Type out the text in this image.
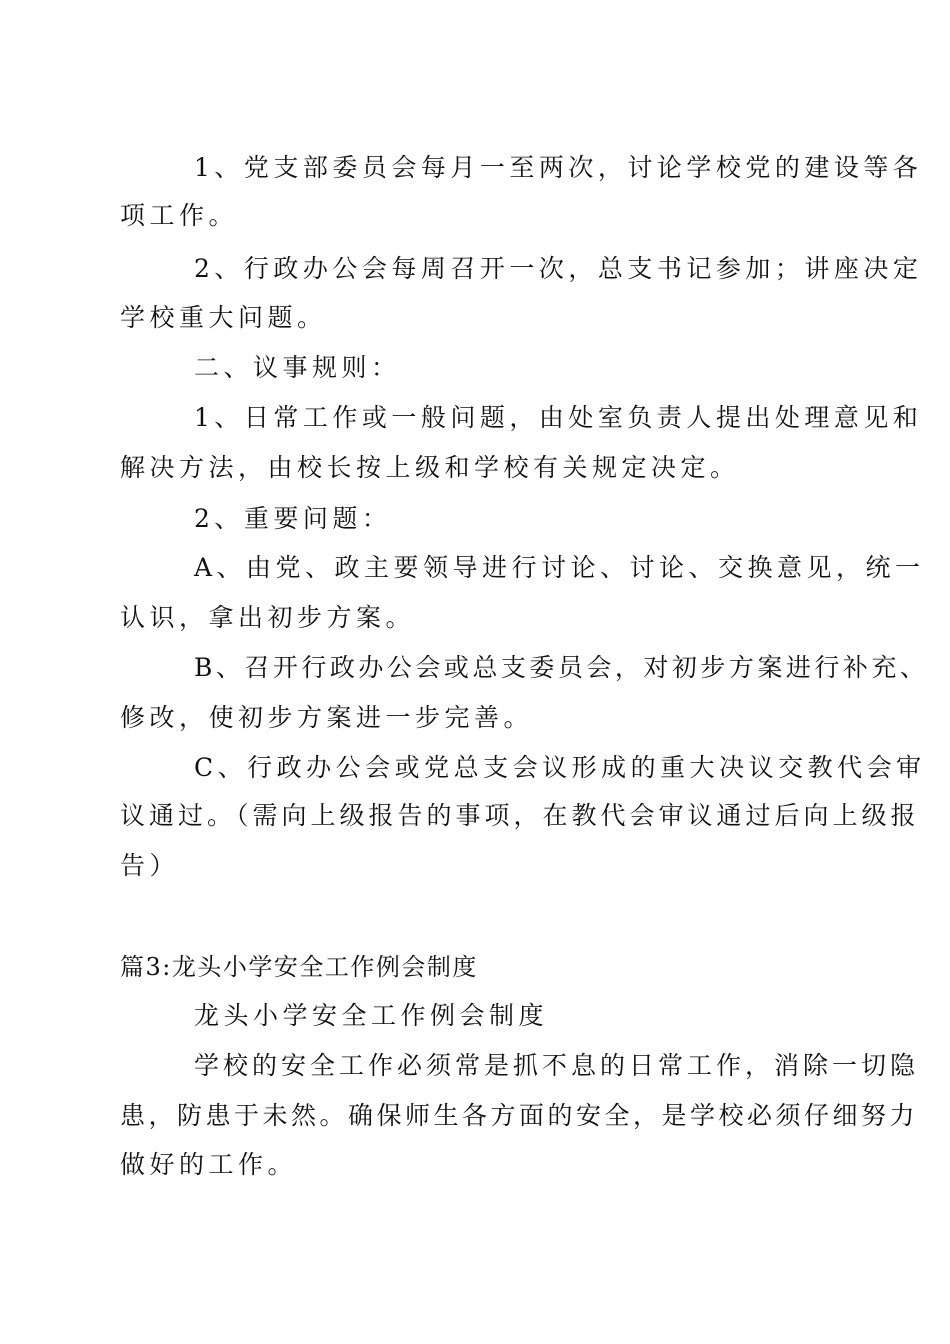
1、党支部委员会每月一至两次，讨论学校党的建设等各
项工作。
2、行政办公会每周召开一次，总支书记参加；讲座决定
学校重大问题。
二、议事规则：
1、日常工作或一般问题，由处室负责人提出处理意见和
解决方法，由校长按上级和学校有关规定决定。
2、重要问题：
A、由党、政主要领导进行讨论、讨论、交换意见，统一
认识，拿出初步方案。
B、召开行政办公会或总支委员会，对初步方案进行补充、
修改，使初步方案进一步完善。
C、行政办公会或党总支会议形成的重大决议交教代会审
议通过。（需向上级报告的事项，在教代会审议通过后向上级报
告）
篇3:龙头小学安全工作例会制度
龙头小学安全工作例会制度
学校的安全工作必须常是抓不息的日常工作，消除一切隐
患，防患于未然。确保师生各方面的安全，是学校必须仔细努力
做好的工作。
